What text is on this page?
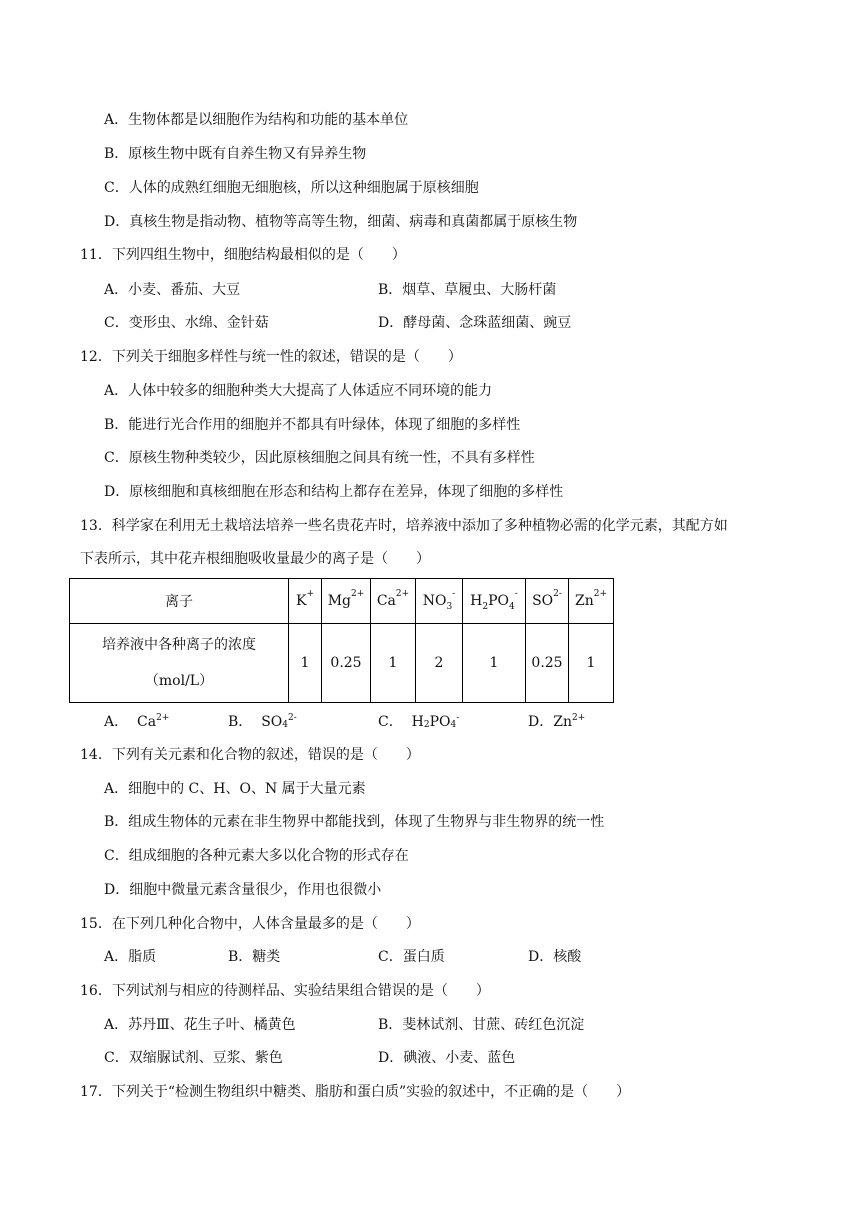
A．生物体都是以细胞作为结构和功能的基本单位
B．原核生物中既有自养生物又有异养生物
C．人体的成熟红细胞无细胞核，所以这种细胞属于原核细胞
D．真核生物是指动物、植物等高等生物，细菌、病毒和真菌都属于原核生物
11．下列四组生物中，细胞结构最相似的是（　　）
A．小麦、番茄、大豆	B．烟草、草履虫、大肠杆菌
C．变形虫、水绵、金针菇	D．酵母菌、念珠蓝细菌、豌豆
12．下列关于细胞多样性与统一性的叙述，错误的是（　　）
A．人体中较多的细胞种类大大提高了人体适应不同环境的能力
B．能进行光合作用的细胞并不都具有叶绿体，体现了细胞的多样性
C．原核生物种类较少，因此原核细胞之间具有统一性，不具有多样性
D．原核细胞和真核细胞在形态和结构上都存在差异，体现了细胞的多样性
13．科学家在利用无土栽培法培养一些名贵花卉时，培养液中添加了多种植物必需的化学元素，其配方如
下表所示，其中花卉根细胞吸收量最少的离子是（　　）
离子	K+	$Mg^{2+}$	$Ca^{2+}$	$NO_3^-$	$H_2PO_4^-$	$SO^{2-}$	$Zn^{2+}$

培养液中各种离子的浓度
（mol/L）	1	0.25	1	2	1	0.25	1
A． $Ca^{2+}$	B． $SO_4^{2-}$	C． $H_2PO_4^-$	D．$Zn^{2+}$
14．下列有关元素和化合物的叙述，错误的是（　　）
A．细胞中的 C、H、O、N 属于大量元素
B．组成生物体的元素在非生物界中都能找到，体现了生物界与非生物界的统一性
C．组成细胞的各种元素大多以化合物的形式存在
D．细胞中微量元素含量很少，作用也很微小
15．在下列几种化合物中，人体含量最多的是（　　）
A．脂质	B．糖类	C．蛋白质	D．核酸
16．下列试剂与相应的待测样品、实验结果组合错误的是（　　）
A．苏丹Ⅲ、花生子叶、橘黄色	B．斐林试剂、甘蔗、砖红色沉淀
C．双缩脲试剂、豆浆、紫色	D．碘液、小麦、蓝色
17．下列关于“检测生物组织中糖类、脂肪和蛋白质”实验的叙述中，不正确的是（　　）
